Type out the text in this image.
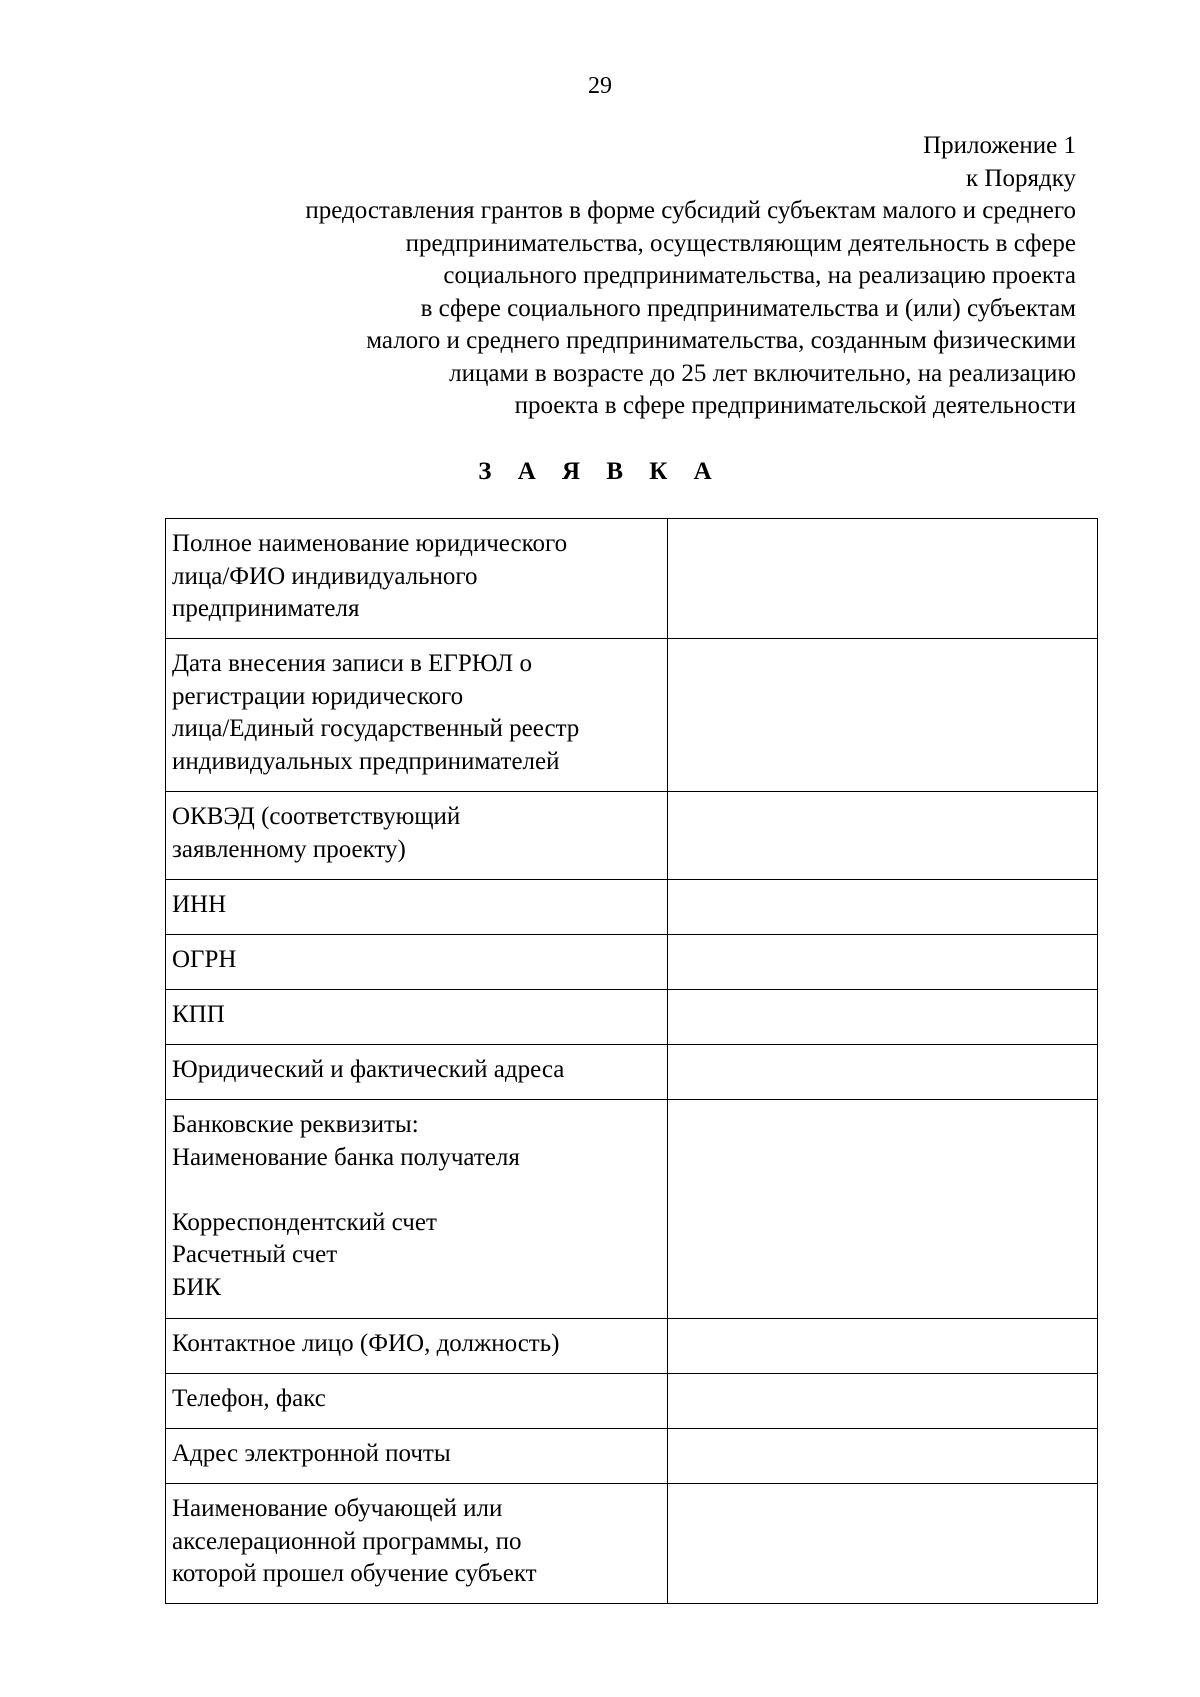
29
Приложение 1
к Порядку
предоставления грантов в форме субсидий субъектам малого и среднего
предпринимательства, осуществляющим деятельность в сфере
социального предпринимательства, на реализацию проекта
в сфере социального предпринимательства и (или) субъектам
малого и среднего предпринимательства, созданным физическими
лицами в возрасте до 25 лет включительно, на реализацию
проекта в сфере предпринимательской деятельности
З А Я В К А
Полное наименование юридического
лица/ФИО индивидуального
предпринимателя	

Дата внесения записи в ЕГРЮЛ о
регистрации юридического
лица/Единый государственный реестр
индивидуальных предпринимателей	

ОКВЭД (соответствующий
заявленному проекту)	

ИНН	

ОГРН	

КПП	

Юридический и фактический адреса	

Банковские реквизиты:
Наименование банка получателя
Корреспондентский счет
Расчетный счет
БИК	

Контактное лицо (ФИО, должность)	

Телефон, факс	

Адрес электронной почты	

Наименование обучающей или
акселерационной программы, по
которой прошел обучение субъект	
